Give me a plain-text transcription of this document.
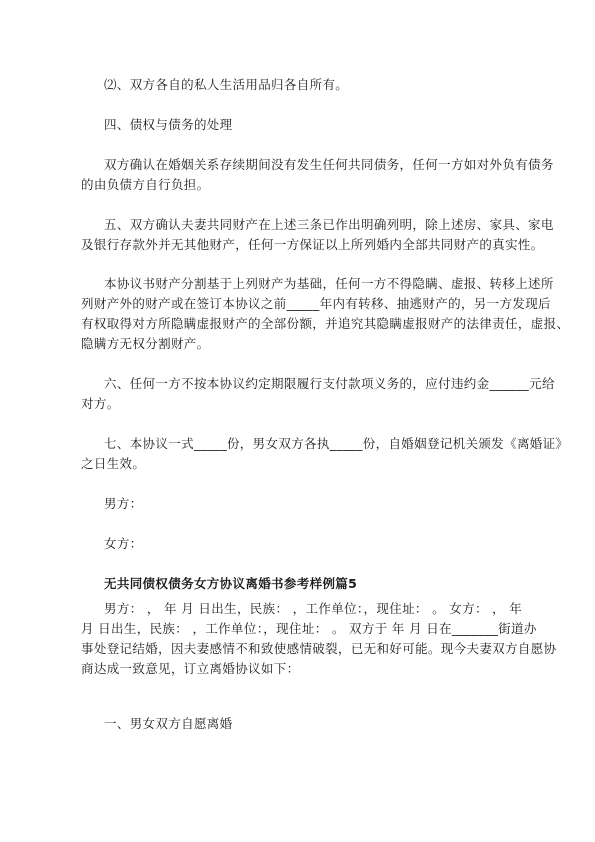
⑵、双方各自的私人生活用品归各自所有。
四、债权与债务的处理
双方确认在婚姻关系存续期间没有发生任何共同债务，任何一方如对外负有债务
的由负债方自行负担。
五、双方确认夫妻共同财产在上述三条已作出明确列明，除上述房、家具、家电
及银行存款外并无其他财产，任何一方保证以上所列婚内全部共同财产的真实性。
本协议书财产分割基于上列财产为基础，任何一方不得隐瞒、虚报、转移上述所
列财产外的财产或在签订本协议之前_____年内有转移、抽逃财产的，另一方发现后
有权取得对方所隐瞒虚报财产的全部份额，并追究其隐瞒虚报财产的法律责任，虚报、
隐瞒方无权分割财产。
六、任何一方不按本协议约定期限履行支付款项义务的，应付违约金______元给
对方。
七、本协议一式_____份，男女双方各执_____份，自婚姻登记机关颁发《离婚证》
之日生效。
男方：
女方：
无共同债权债务女方协议离婚书参考样例篇5
男方： ， 年 月 日出生，民族： ，工作单位：，现住址： 。 女方： ， 年
月 日出生，民族： ，工作单位：，现住址： 。 双方于 年 月 日在_______街道办
事处登记结婚，因夫妻感情不和致使感情破裂，已无和好可能。现今夫妻双方自愿协
商达成一致意见，订立离婚协议如下：
一、男女双方自愿离婚
